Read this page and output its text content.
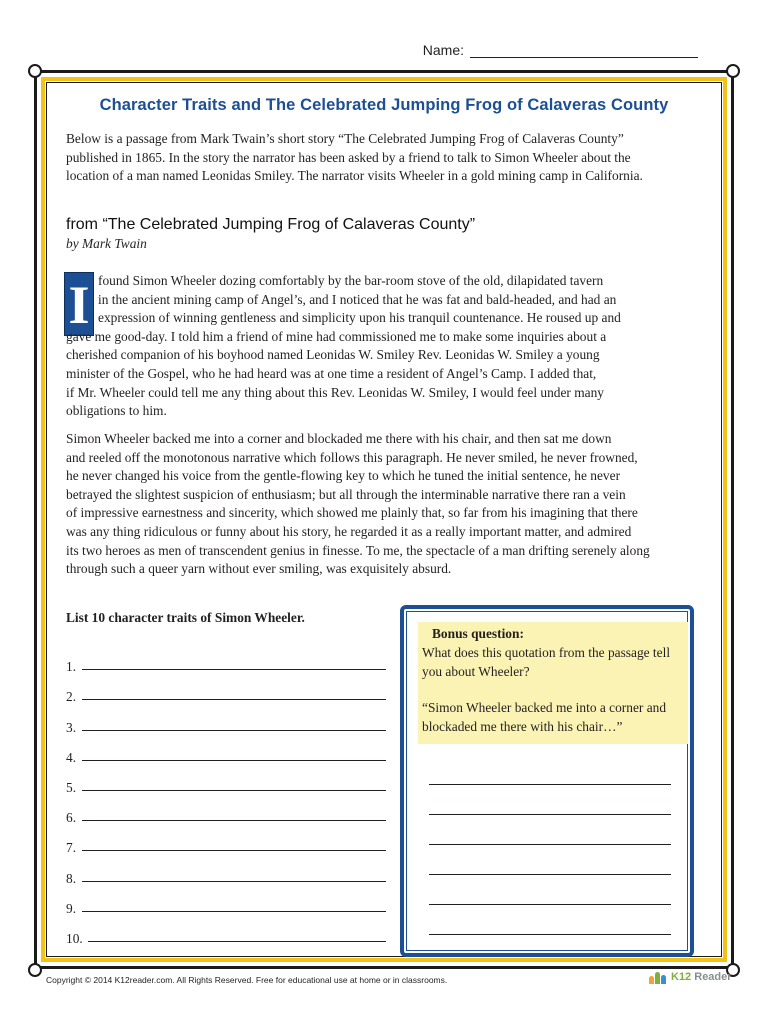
Name:
Character Traits and The Celebrated Jumping Frog of Calaveras County
Below is a passage from Mark Twain’s short story “The Celebrated Jumping Frog of Calaveras County”
published in 1865. In the story the narrator has been asked by a friend to talk to Simon Wheeler about the
location of a man named Leonidas Smiley. The narrator visits Wheeler in a gold mining camp in California.
from “The Celebrated Jumping Frog of Calaveras County”
by Mark Twain
I found Simon Wheeler dozing comfortably by the bar-room stove of the old, dilapidated tavern
in the ancient mining camp of Angel’s, and I noticed that he was fat and bald-headed, and had an
expression of winning gentleness and simplicity upon his tranquil countenance. He roused up and
gave me good-day. I told him a friend of mine had commissioned me to make some inquiries about a
cherished companion of his boyhood named Leonidas W. Smiley Rev. Leonidas W. Smiley a young
minister of the Gospel, who he had heard was at one time a resident of Angel’s Camp. I added that,
if Mr. Wheeler could tell me any thing about this Rev. Leonidas W. Smiley, I would feel under many
obligations to him.
Simon Wheeler backed me into a corner and blockaded me there with his chair, and then sat me down
and reeled off the monotonous narrative which follows this paragraph. He never smiled, he never frowned,
he never changed his voice from the gentle-flowing key to which he tuned the initial sentence, he never
betrayed the slightest suspicion of enthusiasm; but all through the interminable narrative there ran a vein
of impressive earnestness and sincerity, which showed me plainly that, so far from his imagining that there
was any thing ridiculous or funny about his story, he regarded it as a really important matter, and admired
its two heroes as men of transcendent genius in finesse. To me, the spectacle of a man drifting serenely along
through such a queer yarn without ever smiling, was exquisitely absurd.
List 10 character traits of Simon Wheeler.
1.
2.
3.
4.
5.
6.
7.
8.
9.
10.
Bonus question:
What does this quotation from the passage tell you about Wheeler?
“Simon Wheeler backed me into a corner and blockaded me there with his chair…”
Copyright © 2014 K12reader.com. All Rights Reserved. Free for educational use at home or in classrooms.	K12 Reader
